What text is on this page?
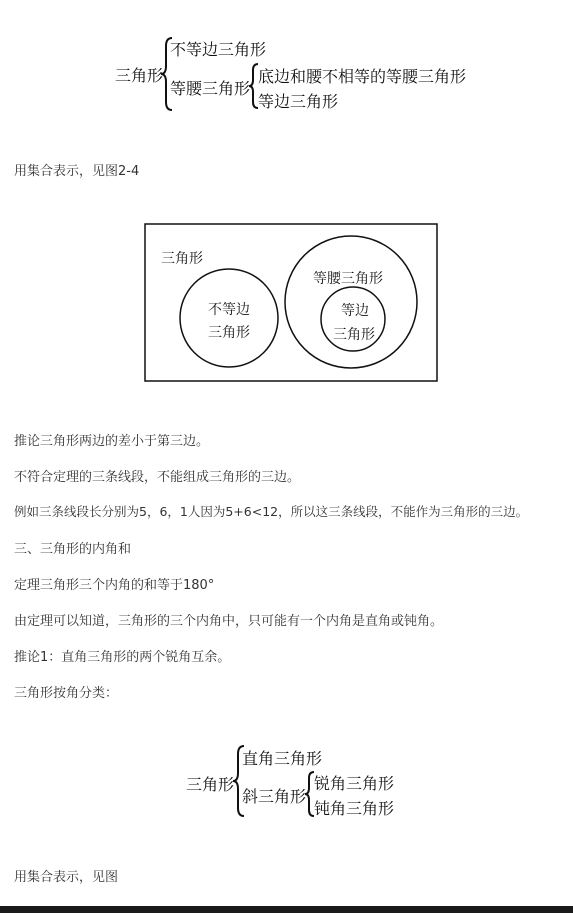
三角形
不等边三角形
等腰三角形
底边和腰不相等的等腰三角形
等边三角形
用集合表示，见图2-4
三角形
不等边
三角形
等腰三角形
等边
三角形
推论三角形两边的差小于第三边。
不符合定理的三条线段，不能组成三角形的三边。
例如三条线段长分别为5，6，1人因为5+6<12，所以这三条线段，不能作为三角形的三边。
三、三角形的内角和
定理三角形三个内角的和等于180°
由定理可以知道，三角形的三个内角中，只可能有一个内角是直角或钝角。
推论1：直角三角形的两个锐角互余。
三角形按角分类：
三角形
直角三角形
斜三角形
锐角三角形
钝角三角形
用集合表示，见图
